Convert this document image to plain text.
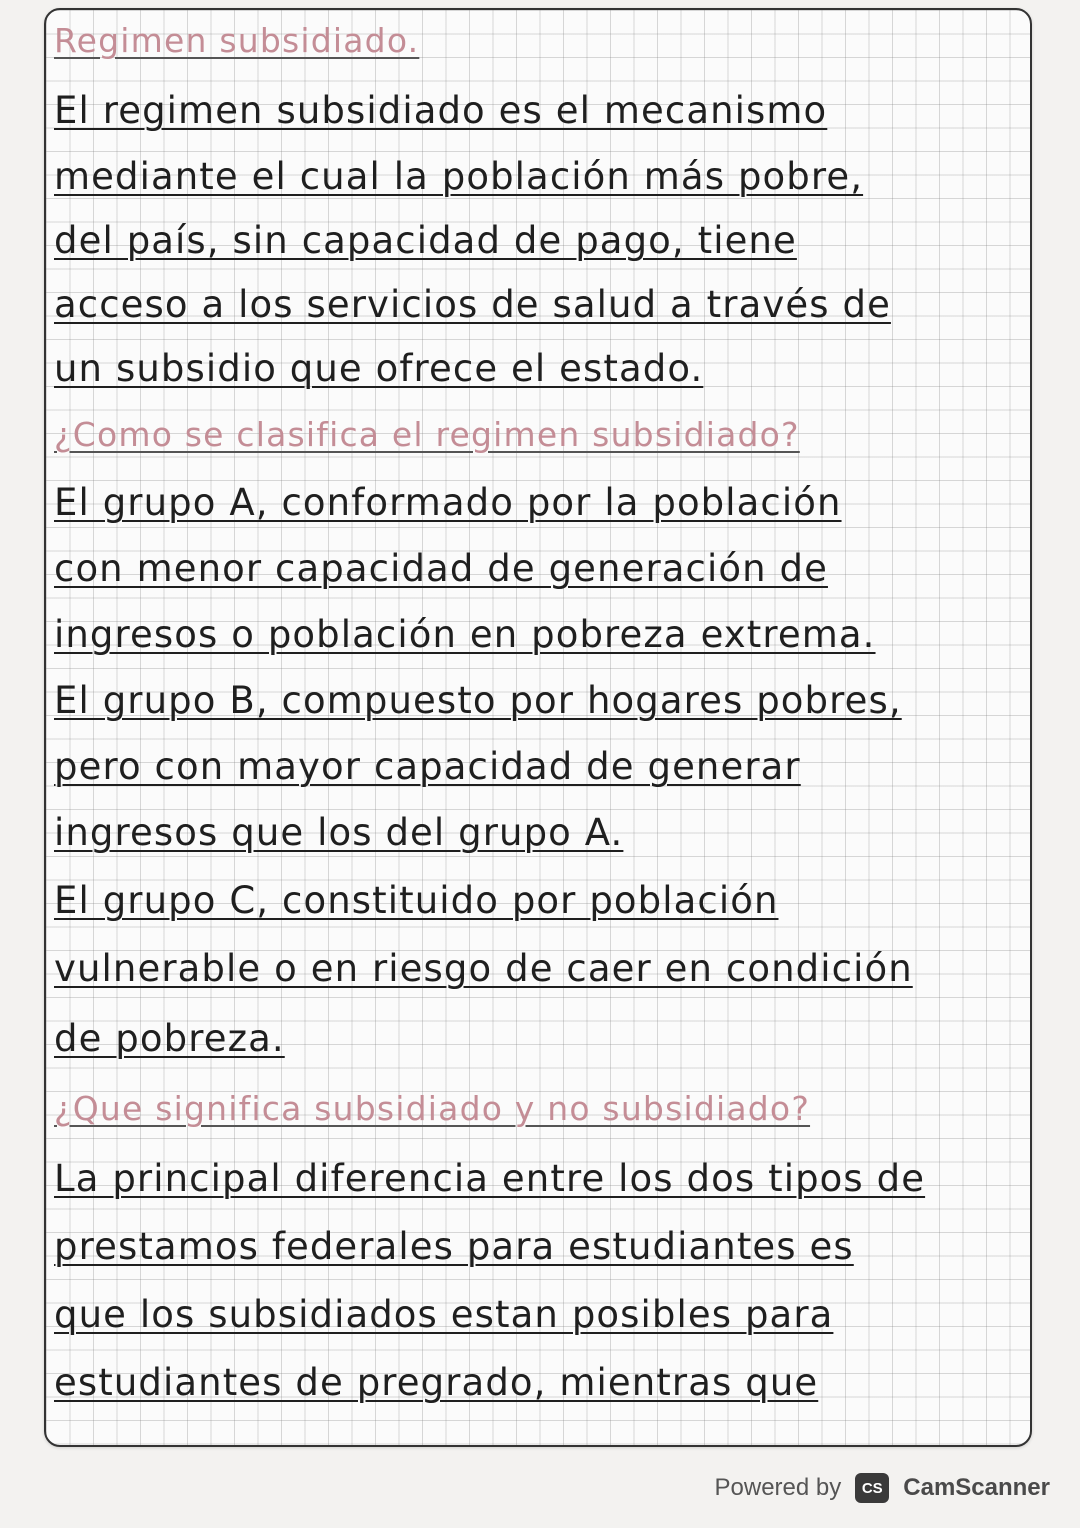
Regimen subsidiado.
El regimen subsidiado es el mecanismo
mediante el cual la población más pobre,
del país, sin capacidad de pago, tiene
acceso a los servicios de salud a través de
un subsidio que ofrece el estado.
¿Como se clasifica el regimen subsidiado?
El grupo A, conformado por la población
con menor capacidad de generación de
ingresos o población en pobreza extrema.
El grupo B, compuesto por hogares pobres,
pero con mayor capacidad de generar
ingresos que los del grupo A.
El grupo C, constituido por población
vulnerable o en riesgo de caer en condición
de pobreza.
¿Que significa subsidiado y no subsidiado?
La principal diferencia entre los dos tipos de
prestamos federales para estudiantes es
que los subsidiados estan posibles para
estudiantes de pregrado, mientras que
Powered by	CS CamScanner
